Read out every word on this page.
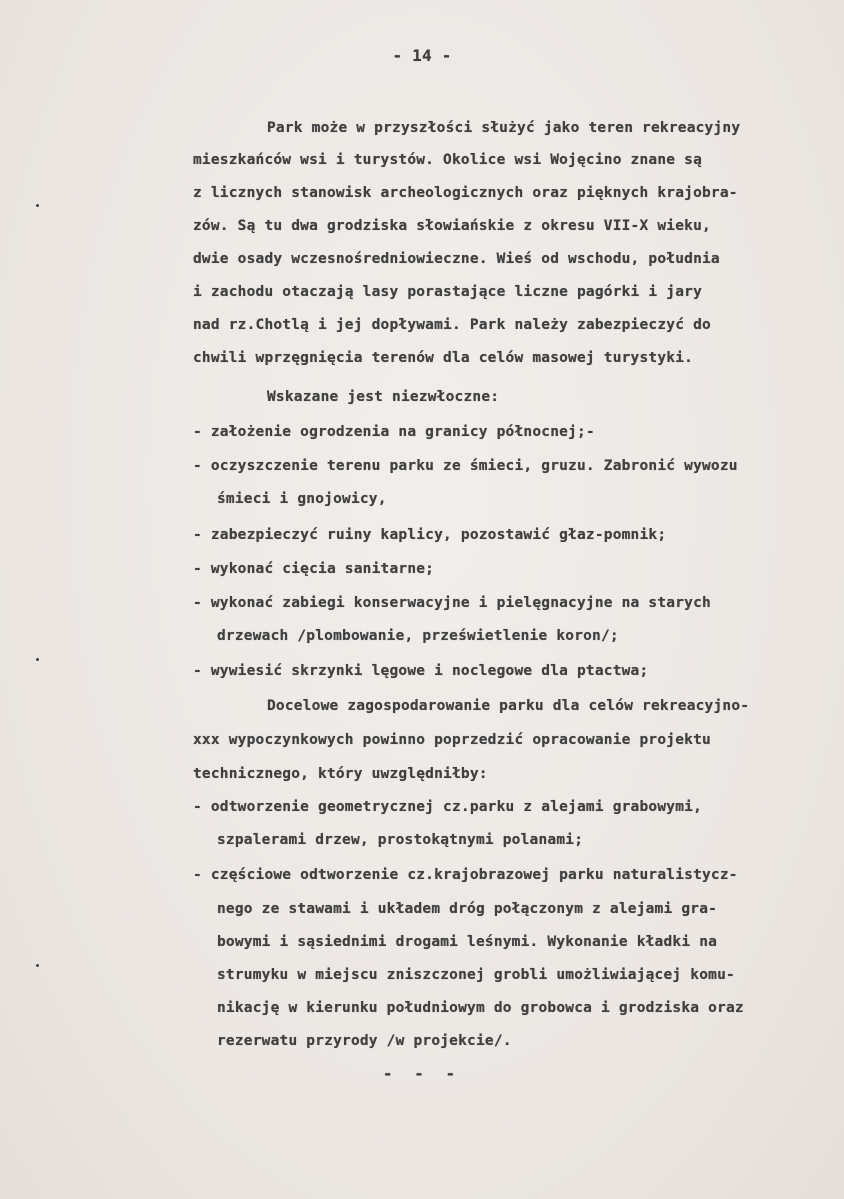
- 14 -
Park może w przyszłości służyć jako teren rekreacyjny
mieszkańców wsi i turystów. Okolice wsi Wojęcino znane są
z licznych stanowisk archeologicznych oraz pięknych krajobra-
zów. Są tu dwa grodziska słowiańskie z okresu VII-X wieku,
dwie osady wczesnośredniowieczne. Wieś od wschodu, południa
i zachodu otaczają lasy porastające liczne pagórki i jary
nad rz.Chotlą i jej dopływami. Park należy zabezpieczyć do
chwili wprzęgnięcia terenów dla celów masowej turystyki.
Wskazane jest niezwłoczne:
- założenie ogrodzenia na granicy północnej;-
- oczyszczenie terenu parku ze śmieci, gruzu. Zabronić wywozu
śmieci i gnojowicy,
- zabezpieczyć ruiny kaplicy, pozostawić głaz-pomnik;
- wykonać cięcia sanitarne;
- wykonać zabiegi konserwacyjne i pielęgnacyjne na starych
drzewach /plombowanie, prześwietlenie koron/;
- wywiesić skrzynki lęgowe i noclegowe dla ptactwa;
Docelowe zagospodarowanie parku dla celów rekreacyjno-
xxx wypoczynkowych powinno poprzedzić opracowanie projektu
technicznego, który uwzględniłby:
- odtworzenie geometrycznej cz.parku z alejami grabowymi,
szpalerami drzew, prostokątnymi polanami;
- częściowe odtworzenie cz.krajobrazowej parku naturalistycz-
nego ze stawami i układem dróg połączonym z alejami gra-
bowymi i sąsiednimi drogami leśnymi. Wykonanie kładki na
strumyku w miejscu zniszczonej grobli umożliwiającej komu-
nikację w kierunku południowym do grobowca i grodziska oraz
rezerwatu przyrody /w projekcie/.
- - -
